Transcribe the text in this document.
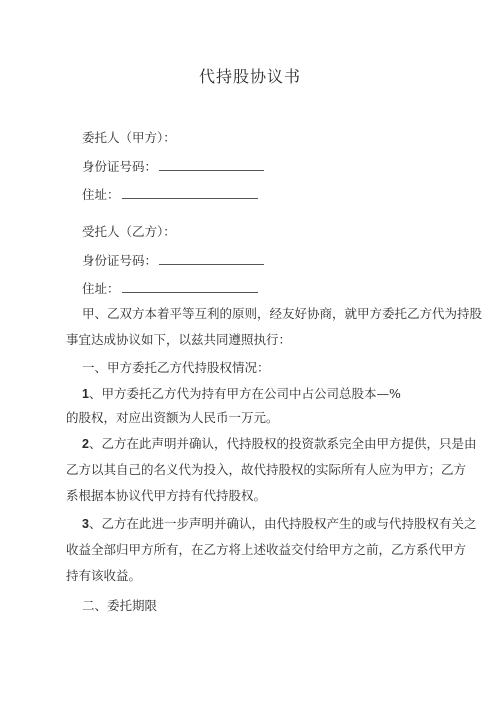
代持股协议书
委托人（甲方）：
身份证号码：
住址：
受托人（乙方）：
身份证号码：
住址：
甲、乙双方本着平等互利的原则，经友好协商，就甲方委托乙方代为持股
事宜达成协议如下，以兹共同遵照执行：
一、甲方委托乙方代持股权情况：
1、甲方委托乙方代为持有甲方在公司中占公司总股本—%
的股权，对应出资额为人民币一万元。
2、乙方在此声明并确认，代持股权的投资款系完全由甲方提供，只是由
乙方以其自己的名义代为投入，故代持股权的实际所有人应为甲方；乙方
系根据本协议代甲方持有代持股权。
3、乙方在此进一步声明并确认，由代持股权产生的或与代持股权有关之
收益全部归甲方所有，在乙方将上述收益交付给甲方之前，乙方系代甲方
持有该收益。
二、委托期限
